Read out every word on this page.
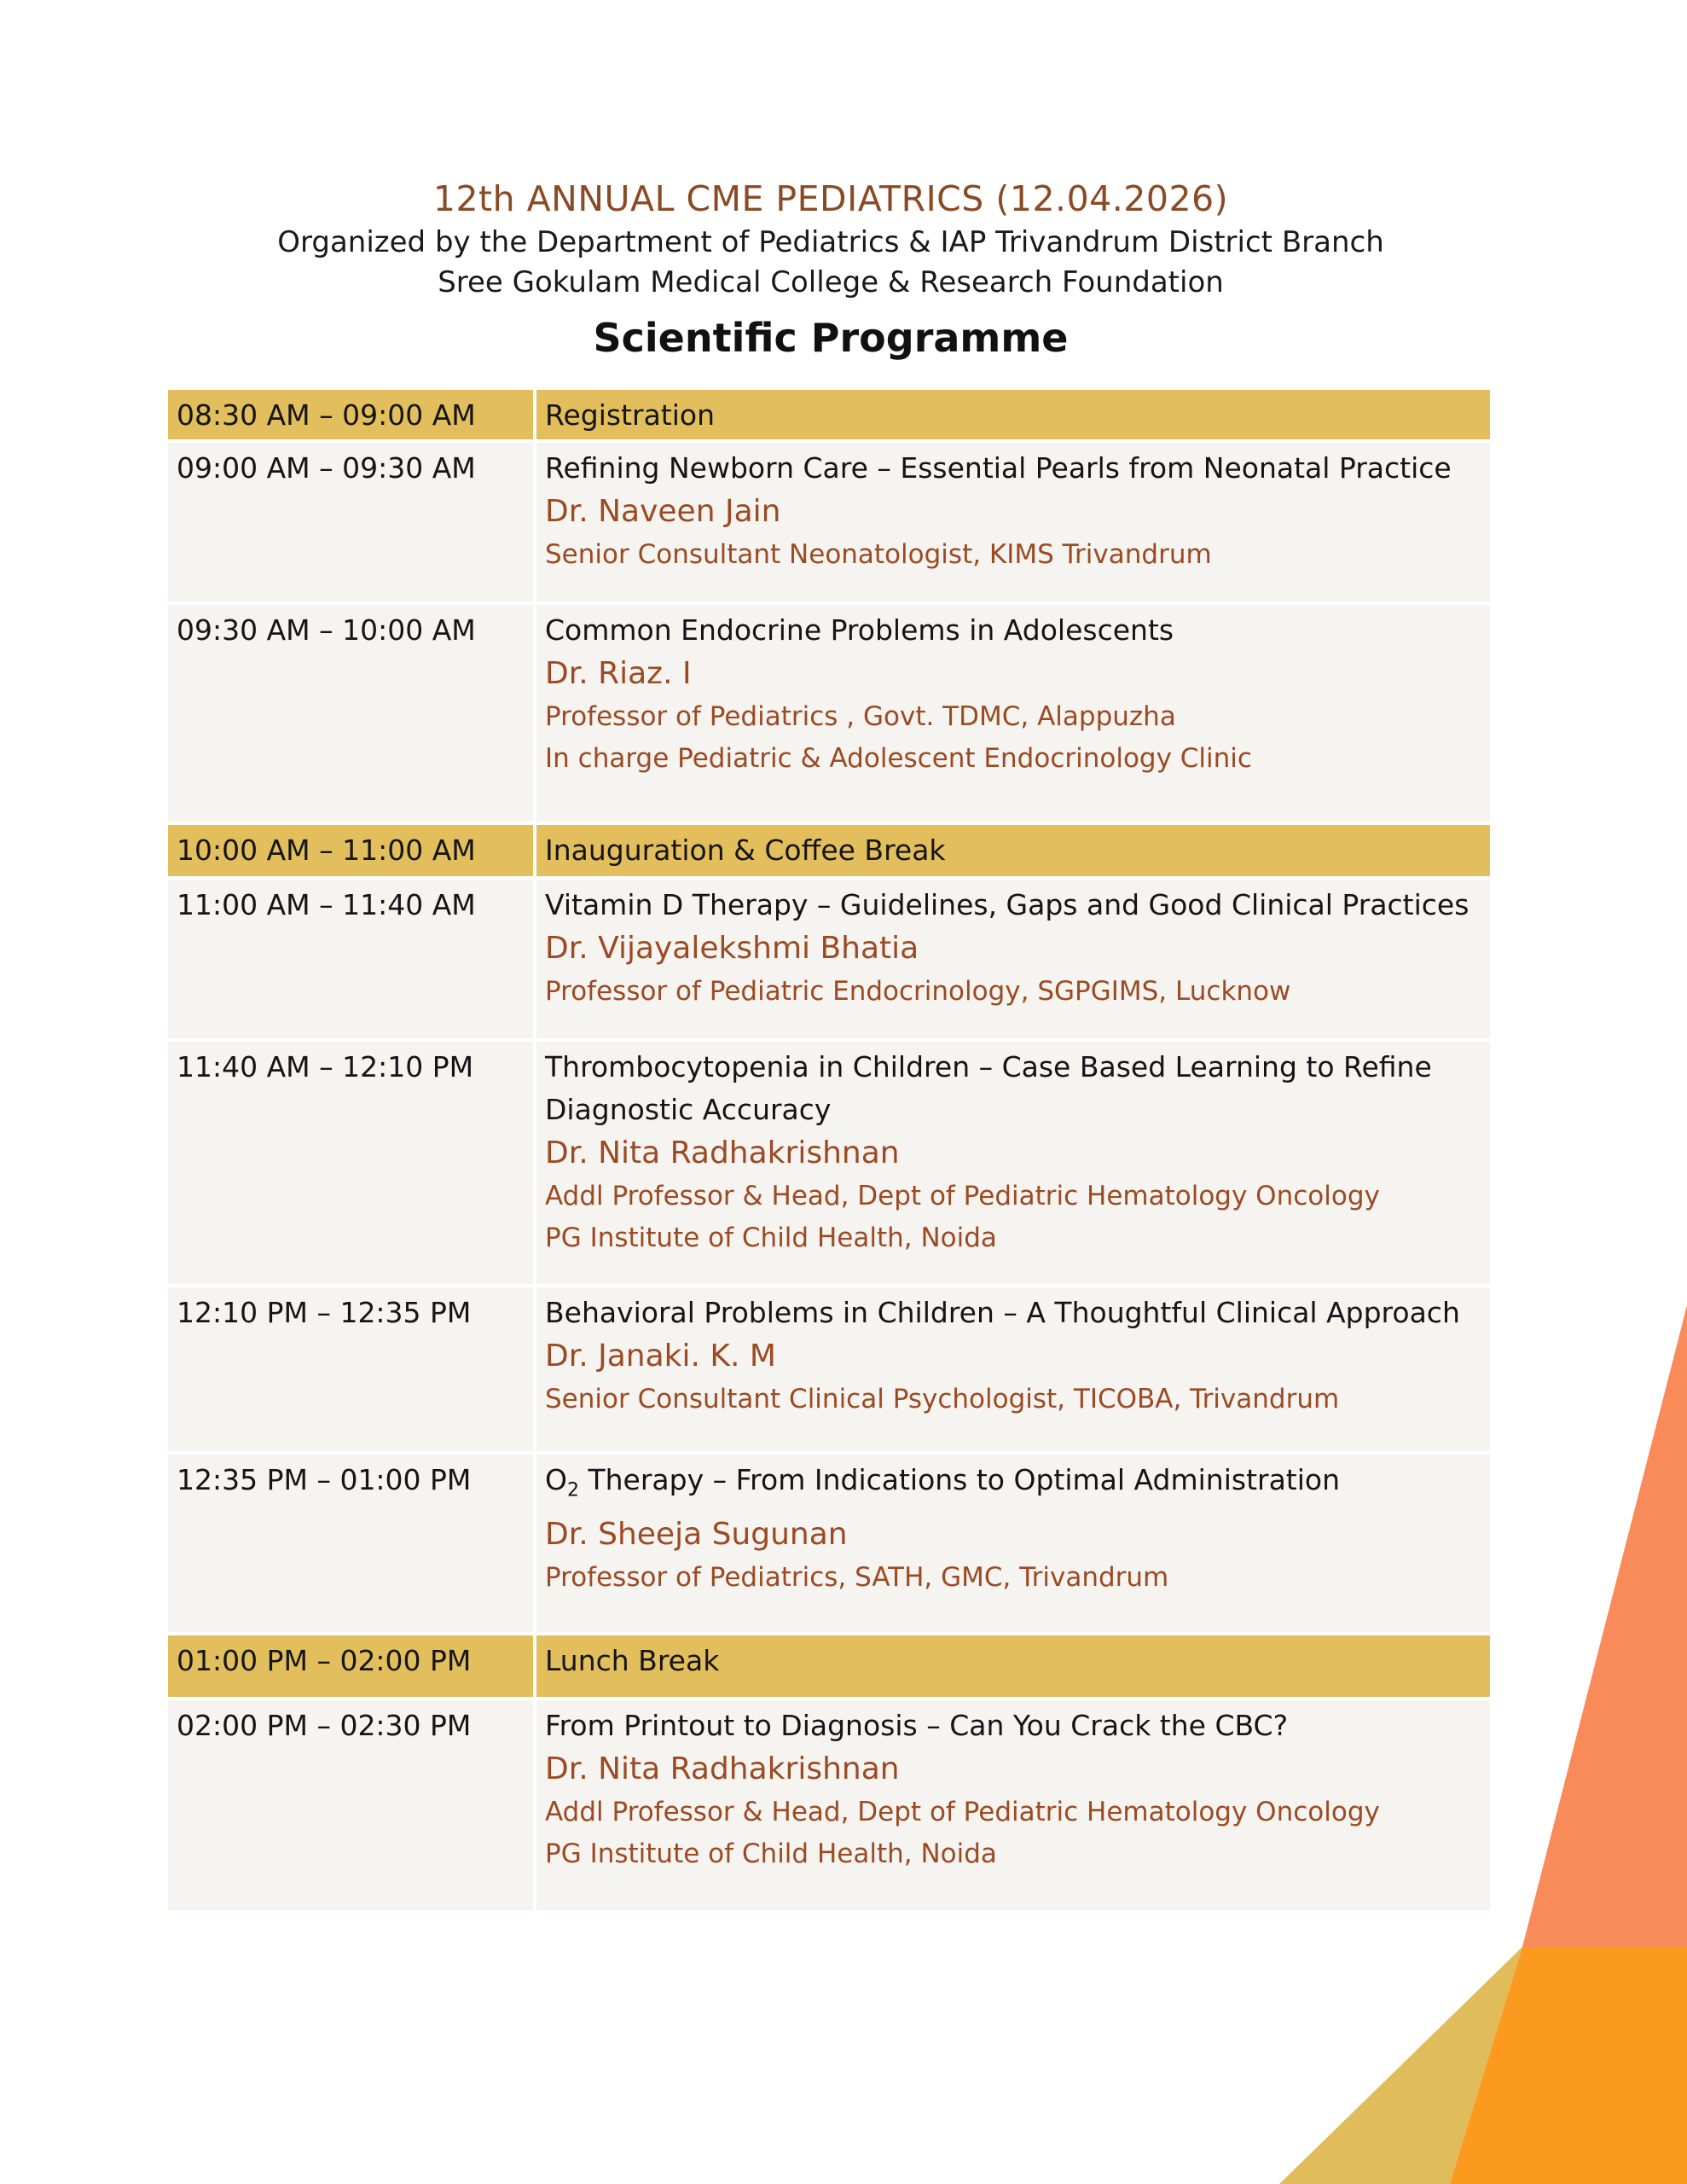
12th ANNUAL CME PEDIATRICS (12.04.2026)
Organized by the Department of Pediatrics & IAP Trivandrum District Branch
Sree Gokulam Medical College & Research Foundation
Scientific Programme
08:30 AM – 09:00 AM	Registration

09:00 AM – 09:30 AM	Refining Newborn Care – Essential Pearls from Neonatal Practice
Dr. Naveen Jain
Senior Consultant Neonatologist, KIMS Trivandrum

09:30 AM – 10:00 AM	Common Endocrine Problems in Adolescents
Dr. Riaz. I
Professor of Pediatrics , Govt. TDMC, Alappuzha
In charge Pediatric & Adolescent Endocrinology Clinic

10:00 AM – 11:00 AM	Inauguration & Coffee Break

11:00 AM – 11:40 AM	Vitamin D Therapy – Guidelines, Gaps and Good Clinical Practices
Dr. Vijayalekshmi Bhatia
Professor of Pediatric Endocrinology, SGPGIMS, Lucknow

11:40 AM – 12:10 PM	Thrombocytopenia in Children – Case Based Learning to Refine
Diagnostic Accuracy
Dr. Nita Radhakrishnan
Addl Professor & Head, Dept of Pediatric Hematology Oncology
PG Institute of Child Health, Noida

12:10 PM – 12:35 PM	Behavioral Problems in Children – A Thoughtful Clinical Approach
Dr. Janaki. K. M
Senior Consultant Clinical Psychologist, TICOBA, Trivandrum

12:35 PM – 01:00 PM	$O_2$ Therapy – From Indications to Optimal Administration
Dr. Sheeja Sugunan
Professor of Pediatrics, SATH, GMC, Trivandrum

01:00 PM – 02:00 PM	Lunch Break

02:00 PM – 02:30 PM	From Printout to Diagnosis – Can You Crack the CBC?
Dr. Nita Radhakrishnan
Addl Professor & Head, Dept of Pediatric Hematology Oncology
PG Institute of Child Health, Noida
